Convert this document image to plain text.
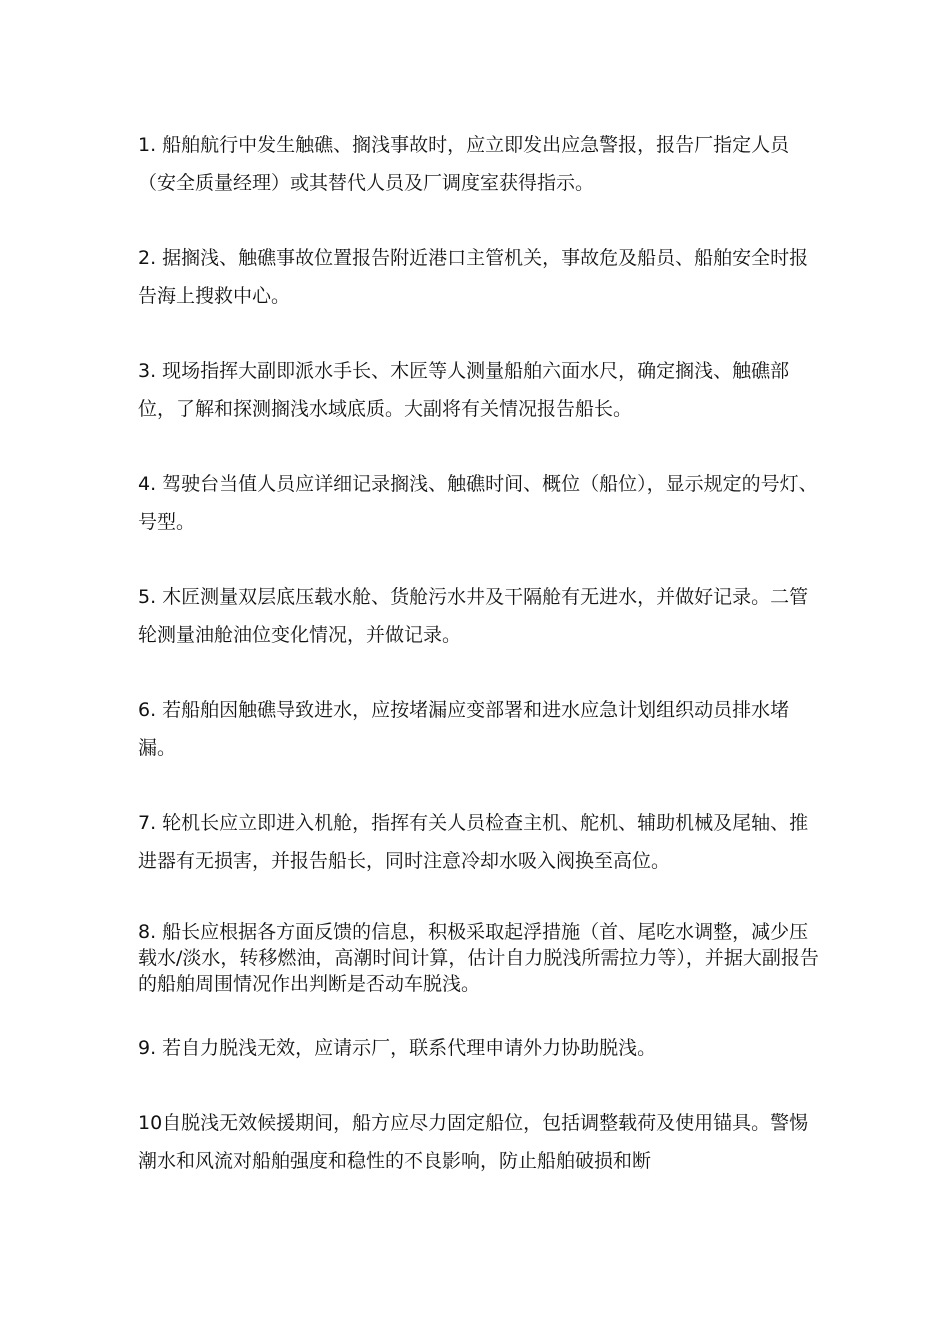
1. 船舶航行中发生触礁、搁浅事故时，应立即发出应急警报，报告厂指定人员（安全质量经理）或其替代人员及厂调度室获得指示。

2. 据搁浅、触礁事故位置报告附近港口主管机关，事故危及船员、船舶安全时报告海上搜救中心。

3. 现场指挥大副即派水手长、木匠等人测量船舶六面水尺，确定搁浅、触礁部位，了解和探测搁浅水域底质。大副将有关情况报告船长。

4. 驾驶台当值人员应详细记录搁浅、触礁时间、概位（船位），显示规定的号灯、号型。

5. 木匠测量双层底压载水舱、货舱污水井及干隔舱有无进水，并做好记录。二管轮测量油舱油位变化情况，并做记录。

6. 若船舶因触礁导致进水，应按堵漏应变部署和进水应急计划组织动员排水堵漏。

7. 轮机长应立即进入机舱，指挥有关人员检查主机、舵机、辅助机械及尾轴、推进器有无损害，并报告船长，同时注意冷却水吸入阀换至高位。

8. 船长应根据各方面反馈的信息，积极采取起浮措施（首、尾吃水调整，减少压载水/淡水，转移燃油，高潮时间计算，估计自力脱浅所需拉力等），并据大副报告的船舶周围情况作出判断是否动车脱浅。

9. 若自力脱浅无效，应请示厂，联系代理申请外力协助脱浅。

10自脱浅无效候援期间，船方应尽力固定船位，包括调整载荷及使用锚具。警惕潮水和风流对船舶强度和稳性的不良影响，防止船舶破损和断
